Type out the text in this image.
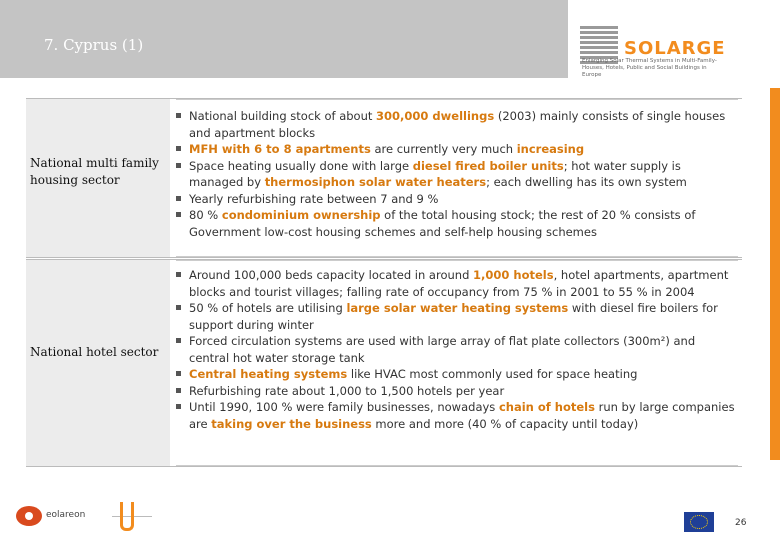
7. Cyprus (1)	SOLARGE
Enlarging Solar Thermal Systems in Multi-Family-Houses, Hotels, Public and Social Buildings in Europe
National multi family housing sector
National building stock of about 300,000 dwellings (2003) mainly consists of single houses and apartment blocks
MFH with 6 to 8 apartments are currently very much increasing
Space heating usually done with large diesel fired boiler units; hot water supply is managed by thermosiphon solar water heaters; each dwelling has its own system
Yearly refurbishing rate between 7 and 9 %
80 % condominium ownership of the total housing stock; the rest of 20 % consists of Government low-cost housing schemes and self-help housing schemes
National hotel sector
Around 100,000 beds capacity located in around 1,000 hotels, hotel apartments, apartment blocks and tourist villages; falling rate of occupancy from 75 % in 2001 to 55 % in 2004
50 % of hotels are utilising large solar water heating systems with diesel fire boilers for support during winter
Forced circulation systems are used with large array of flat plate collectors (300m²) and central hot water storage tank
Central heating systems like HVAC most commonly used for space heating
Refurbishing rate about 1,000 to 1,500 hotels per year
Until 1990, 100 % were family businesses, nowadays chain of hotels run by large companies are taking over the business more and more (40 % of capacity until today)
eolareon
26
